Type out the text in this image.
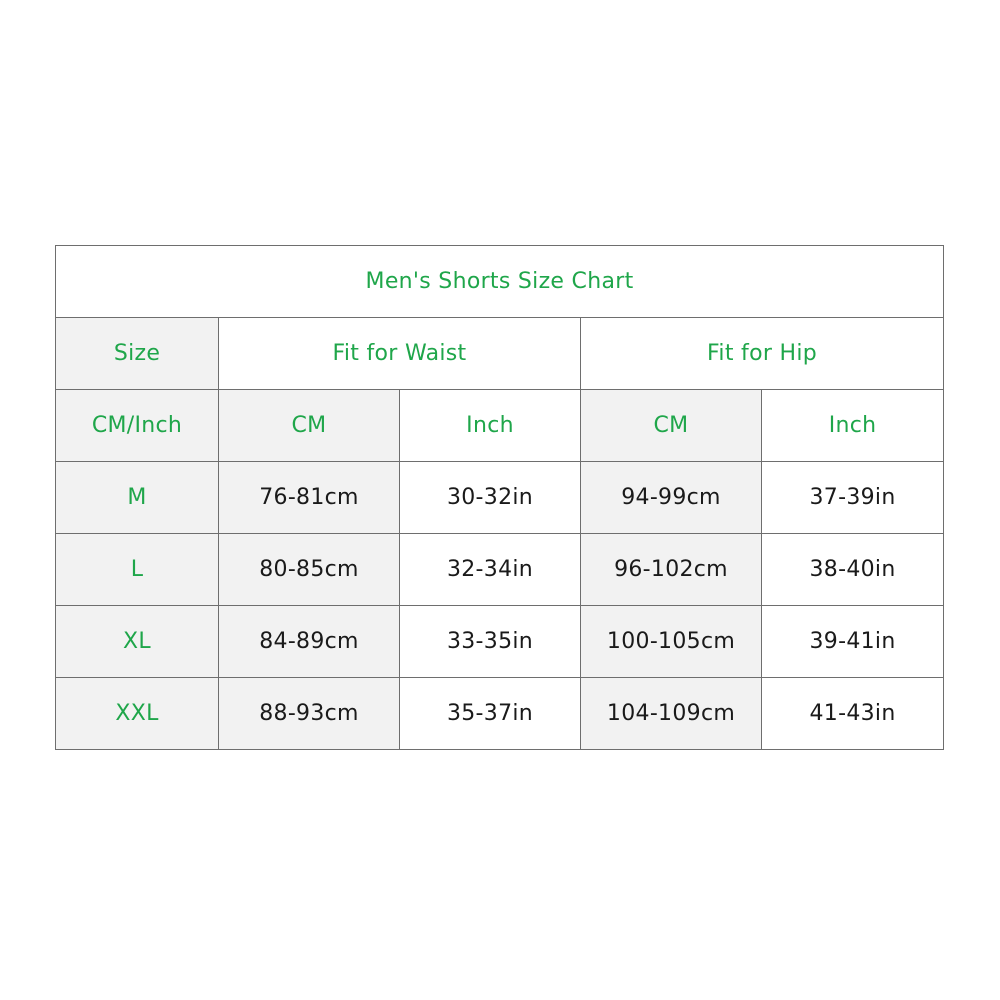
Men's Shorts Size Chart				
Size	Fit for Waist		Fit for Hip	
CM/Inch	CM	Inch	CM	Inch
M	76-81cm	30-32in	94-99cm	37-39in
L	80-85cm	32-34in	96-102cm	38-40in
XL	84-89cm	33-35in	100-105cm	39-41in
XXL	88-93cm	35-37in	104-109cm	41-43in
